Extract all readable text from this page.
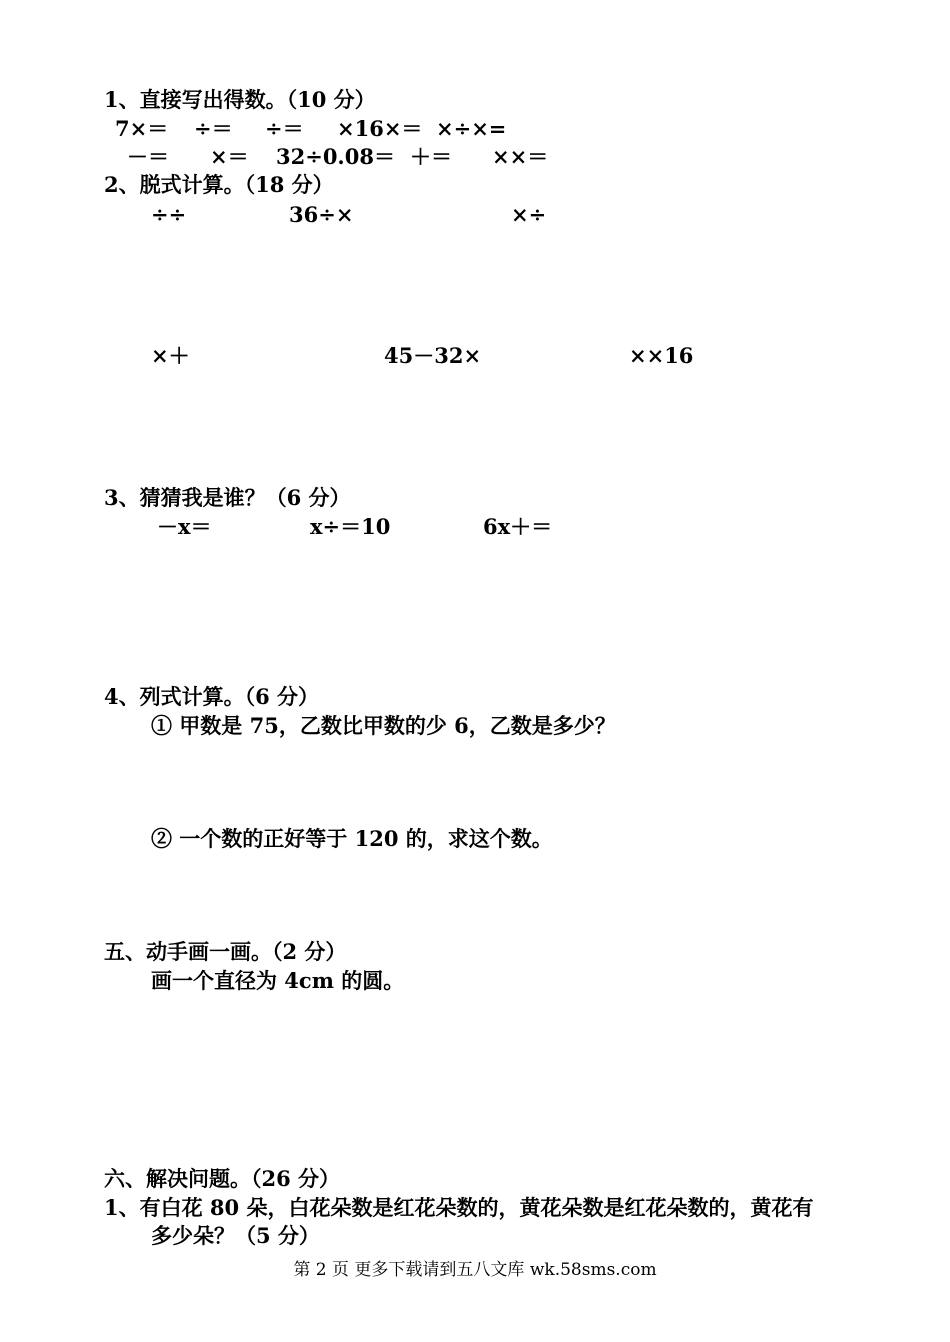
1、直接写出得数。（10 分）
7×＝ ÷＝ ÷＝ ×16×＝ ×÷×=
－＝ ×＝ 32÷0.08＝ ＋＝ ××＝
2、脱式计算。（18 分）
÷÷	36÷×	×÷
×＋	45－32×	××16
3、猜猜我是谁？（6 分）
－x＝	x÷＝10	6x＋＝
4、列式计算。（6 分）
① 甲数是 75，乙数比甲数的少 6，乙数是多少？
② 一个数的正好等于 120 的，求这个数。
五、动手画一画。（2 分）
画一个直径为 4cm 的圆。
六、解决问题。（26 分）
1、有白花 80 朵，白花朵数是红花朵数的，黄花朵数是红花朵数的，黄花有
多少朵？（5 分）
第 2 页 更多下载请到五八文库 wk.58sms.com
